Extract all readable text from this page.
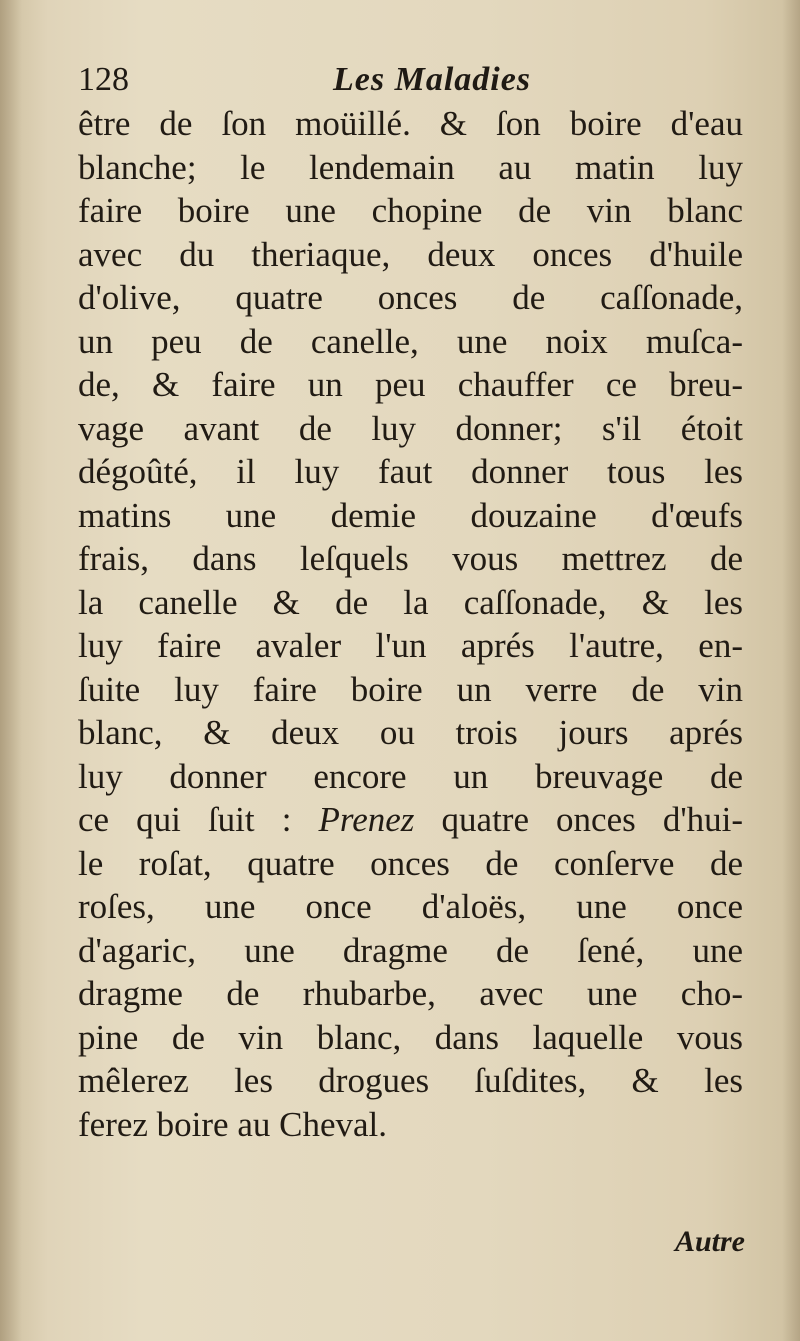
128	Les Maladies
être de ſon moüillé. & ſon boire d'eau
blanche; le lendemain au matin luy
faire boire une chopine de vin blanc
avec du theriaque, deux onces d'huile
d'olive, quatre onces de caſſonade,
un peu de canelle, une noix muſca-
de, & faire un peu chauffer ce breu-
vage avant de luy donner; s'il étoit
dégoûté, il luy faut donner tous les
matins une demie douzaine d'œufs
frais, dans leſquels vous mettrez de
la canelle & de la caſſonade, & les
luy faire avaler l'un aprés l'autre, en-
ſuite luy faire boire un verre de vin
blanc, & deux ou trois jours aprés
luy donner encore un breuvage de
ce qui ſuit : Prenez quatre onces d'hui-
le roſat, quatre onces de conſerve de
roſes, une once d'aloës, une once
d'agaric, une dragme de ſené, une
dragme de rhubarbe, avec une cho-
pine de vin blanc, dans laquelle vous
mêlerez les drogues ſuſdites, & les
ferez boire au Cheval.
Autre
